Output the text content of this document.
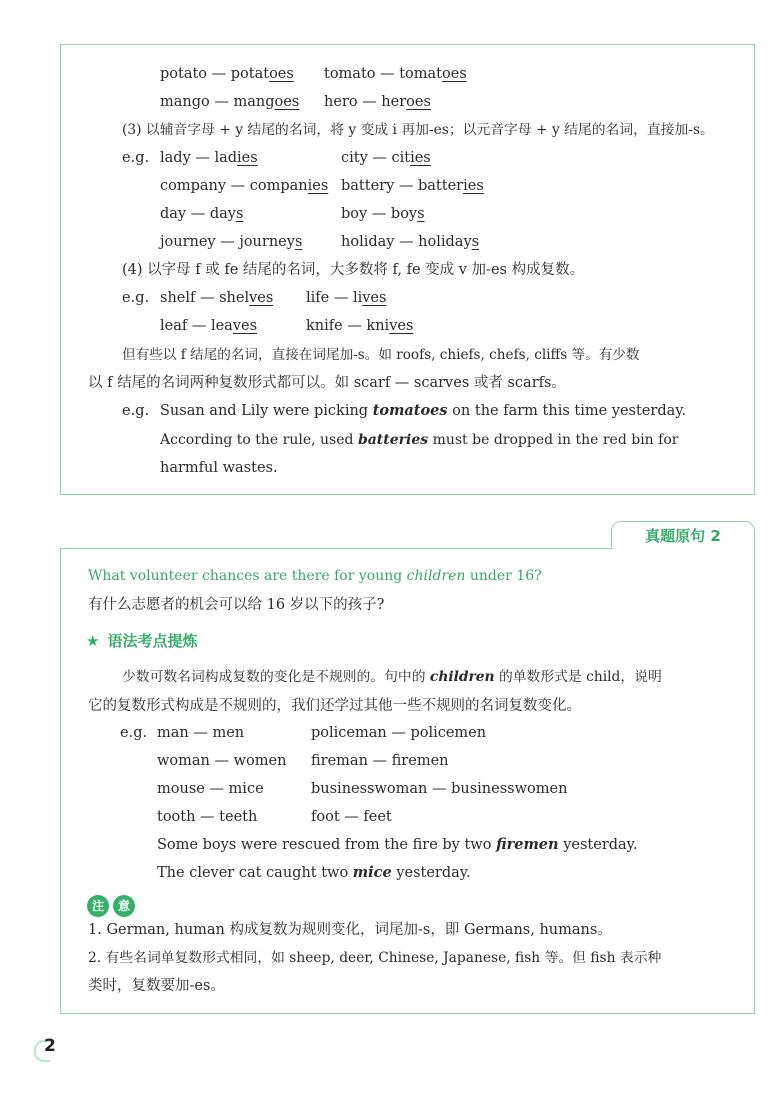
真题原句 2
potato — potatoes tomato — tomatoes
mango — mangoes hero — heroes
(3) 以辅音字母 + y 结尾的名词，将 y 变成 i 再加-es；以元音字母 + y 结尾的名词，直接加-s。
e.g. lady — ladies	city — cities
company — companies battery — batteries
day — days	boy — boys
journey — journeys	holiday — holidays
(4) 以字母 f 或 fe 结尾的名词，大多数将 f, fe 变成 v 加-es 构成复数。
e.g. shelf — shelves life — lives
leaf — leaves	knife — knives
但有些以 f 结尾的名词，直接在词尾加-s。如 roofs, chiefs, chefs, cliffs 等。有少数
以 f 结尾的名词两种复数形式都可以。如 scarf — scarves 或者 scarfs。
e.g. Susan and Lily were picking tomatoes on the farm this time yesterday.
According to the rule, used batteries must be dropped in the red bin for
harmful wastes.
What volunteer chances are there for young children under 16?
有什么志愿者的机会可以给 16 岁以下的孩子?
★ 语法考点提炼
少数可数名词构成复数的变化是不规则的。句中的 children 的单数形式是 child，说明
它的复数形式构成是不规则的，我们还学过其他一些不规则的名词复数变化。
e.g. man — men	policeman — policemen
woman — women fireman — firemen
mouse — mice	businesswoman — businesswomen
tooth — teeth	foot — feet
Some boys were rescued from the fire by two firemen yesterday.
The clever cat caught two mice yesterday.
注	意
1. German, human 构成复数为规则变化，词尾加-s，即 Germans, humans。
2. 有些名词单复数形式相同，如 sheep, deer, Chinese, Japanese, fish 等。但 fish 表示种
类时，复数要加-es。
2
